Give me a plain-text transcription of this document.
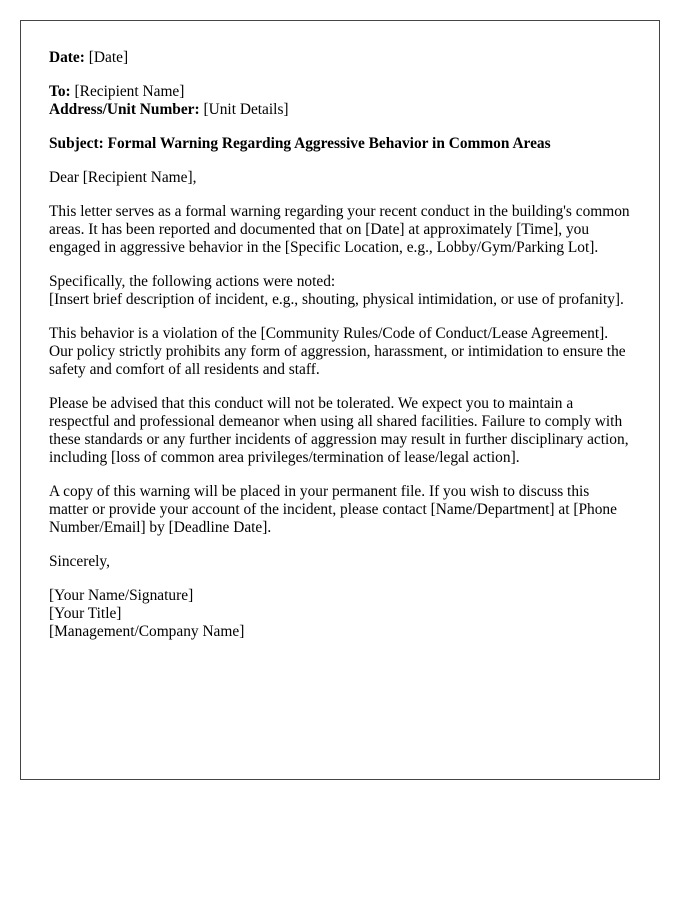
Date: [Date]

To: [Recipient Name]

Address/Unit Number: [Unit Details]

Subject: Formal Warning Regarding Aggressive Behavior in Common Areas

Dear [Recipient Name],

This letter serves as a formal warning regarding your recent conduct in the building's common areas. It has been reported and documented that on [Date] at approximately [Time], you engaged in aggressive behavior in the [Specific Location, e.g., Lobby/Gym/Parking Lot].

Specifically, the following actions were noted:

[Insert brief description of incident, e.g., shouting, physical intimidation, or use of profanity].

This behavior is a violation of the [Community Rules/Code of Conduct/Lease Agreement]. Our policy strictly prohibits any form of aggression, harassment, or intimidation to ensure the safety and comfort of all residents and staff.

Please be advised that this conduct will not be tolerated. We expect you to maintain a respectful and professional demeanor when using all shared facilities. Failure to comply with these standards or any further incidents of aggression may result in further disciplinary action, including [loss of common area privileges/termination of lease/legal action].

A copy of this warning will be placed in your permanent file. If you wish to discuss this matter or provide your account of the incident, please contact [Name/Department] at [Phone Number/Email] by [Deadline Date].

Sincerely,

[Your Name/Signature]

[Your Title]

[Management/Company Name]
